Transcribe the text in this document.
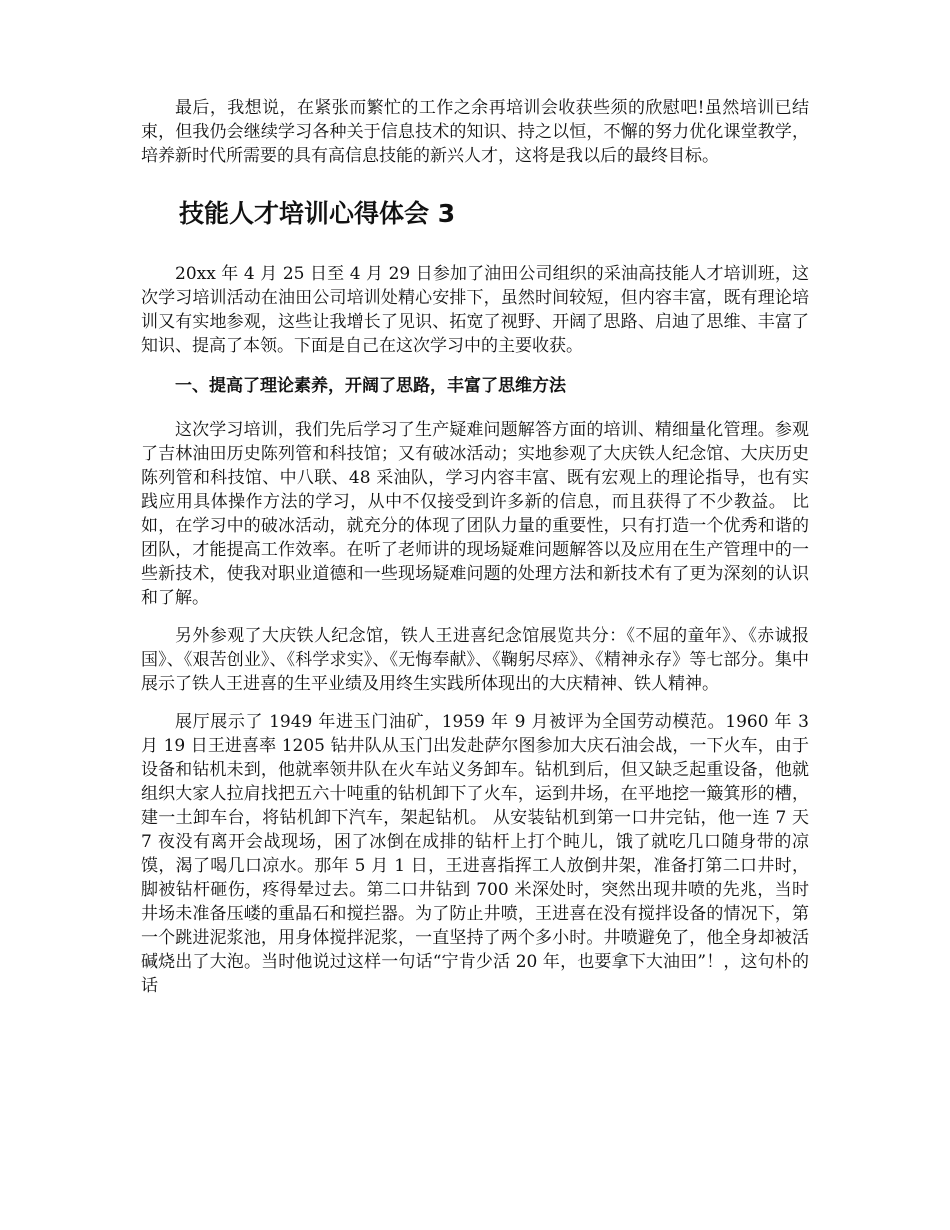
最后，我想说，在紧张而繁忙的工作之余再培训会收获些须的欣慰吧!虽然培训已结束，但我仍会继续学习各种关于信息技术的知识、持之以恒，不懈的努力优化课堂教学，培养新时代所需要的具有高信息技能的新兴人才，这将是我以后的最终目标。

技能人才培训心得体会 3

20xx 年 4 月 25 日至 4 月 29 日参加了油田公司组织的采油高技能人才培训班，这次学习培训活动在油田公司培训处精心安排下，虽然时间较短，但内容丰富，既有理论培训又有实地参观，这些让我增长了见识、拓宽了视野、开阔了思路、启迪了思维、丰富了知识、提高了本领。下面是自己在这次学习中的主要收获。

一、提高了理论素养，开阔了思路，丰富了思维方法

这次学习培训，我们先后学习了生产疑难问题解答方面的培训、精细量化管理。参观了吉林油田历史陈列管和科技馆；又有破冰活动；实地参观了大庆铁人纪念馆、大庆历史陈列管和科技馆、中八联、48 采油队，学习内容丰富、既有宏观上的理论指导，也有实践应用具体操作方法的学习，从中不仅接受到许多新的信息，而且获得了不少教益。 比如，在学习中的破冰活动，就充分的体现了团队力量的重要性，只有打造一个优秀和谐的团队，才能提高工作效率。在听了老师讲的现场疑难问题解答以及应用在生产管理中的一些新技术，使我对职业道德和一些现场疑难问题的处理方法和新技术有了更为深刻的认识和了解。

另外参观了大庆铁人纪念馆，铁人王进喜纪念馆展览共分：《不屈的童年》、《赤诚报国》、《艰苦创业》、《科学求实》、《无悔奉献》、《鞠躬尽瘁》、《精神永存》等七部分。集中展示了铁人王进喜的生平业绩及用终生实践所体现出的大庆精神、铁人精神。

展厅展示了 1949 年进玉门油矿，1959 年 9 月被评为全国劳动模范。1960 年 3 月 19 日王进喜率 1205 钻井队从玉门出发赴萨尔图参加大庆石油会战，一下火车，由于设备和钻机未到，他就率领井队在火车站义务卸车。钻机到后，但又缺乏起重设备，他就组织大家人拉肩找把五六十吨重的钻机卸下了火车，运到井场，在平地挖一簸箕形的槽，建一土卸车台，将钻机卸下汽车，架起钻机。 从安装钻机到第一口井完钻，他一连 7 天 7 夜没有离开会战现场，困了冰倒在成排的钻杆上打个盹儿，饿了就吃几口随身带的凉馍，渴了喝几口凉水。那年 5 月 1 日，王进喜指挥工人放倒井架，准备打第二口井时，脚被钻杆砸伤，疼得晕过去。第二口井钻到 700 米深处时，突然出现井喷的先兆，当时井场未准备压嵝的重晶石和搅拦器。为了防止井喷，王进喜在没有搅拌设备的情况下，第一个跳进泥浆池，用身体搅拌泥浆，一直坚持了两个多小时。井喷避免了，他全身却被活碱烧出了大泡。当时他说过这样一句话“宁肯少活 20 年，也要拿下大油田”！，这句朴的话
